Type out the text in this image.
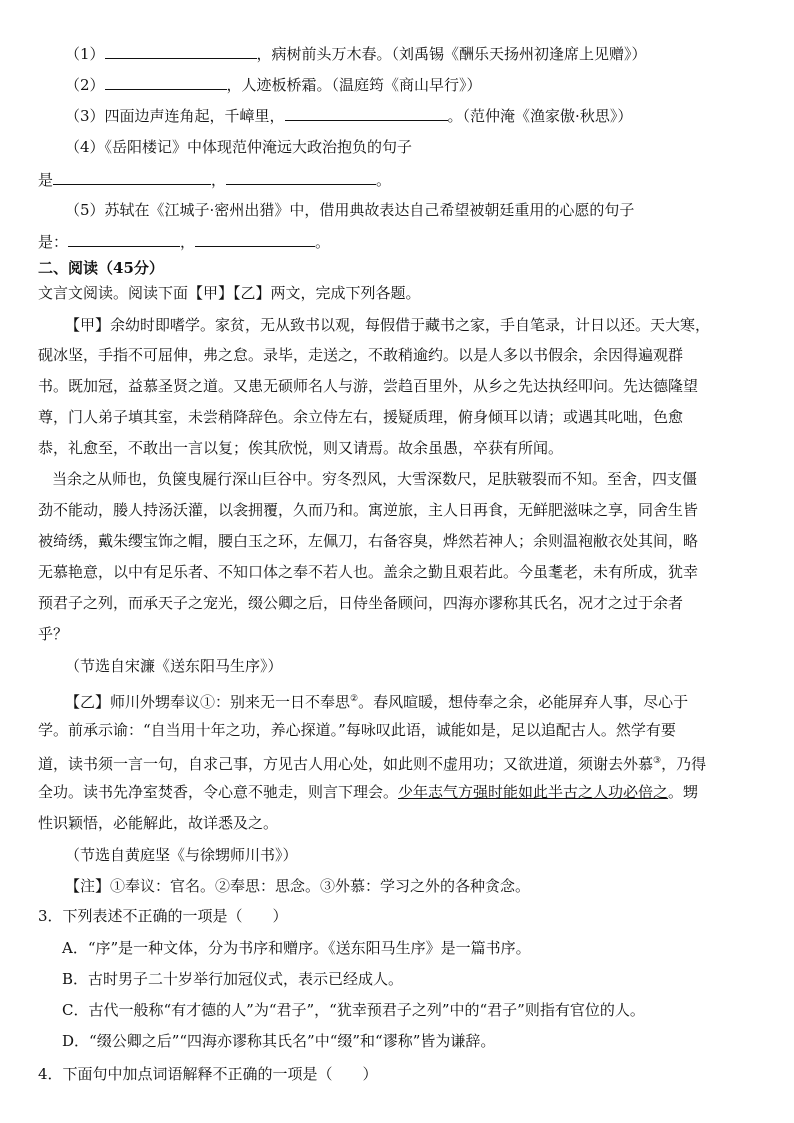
（1）	，病树前头万木春。（刘禹锡《酬乐天扬州初逢席上见赠》）
（2）	，人迹板桥霜。（温庭筠《商山早行》）
（3）四面边声连角起，千嶂里，	。（范仲淹《渔家傲·秋思》）
（4）《岳阳楼记》中体现范仲淹远大政治抱负的句子
是	，	。
（5）苏轼在《江城子·密州出猎》中，借用典故表达自己希望被朝廷重用的心愿的句子
是：	，	。
二、阅读（45分）
文言文阅读。阅读下面【甲】【乙】两文，完成下列各题。
【甲】余幼时即嗜学。家贫，无从致书以观，每假借于藏书之家，手自笔录，计日以还。天大寒，
砚冰坚，手指不可屈伸，弗之怠。录毕，走送之，不敢稍逾约。以是人多以书假余，余因得遍观群
书。既加冠，益慕圣贤之道。又患无硕师名人与游，尝趋百里外，从乡之先达执经叩问。先达德隆望
尊，门人弟子填其室，未尝稍降辞色。余立侍左右，援疑质理，俯身倾耳以请；或遇其叱咄，色愈
恭，礼愈至，不敢出一言以复；俟其欣悦，则又请焉。故余虽愚，卒获有所闻。
当余之从师也，负箧曳屣行深山巨谷中。穷冬烈风，大雪深数尺，足肤皲裂而不知。至舍，四支僵
劲不能动，媵人持汤沃灌，以衾拥覆，久而乃和。寓逆旅，主人日再食，无鲜肥滋味之享，同舍生皆
被绮绣，戴朱缨宝饰之帽，腰白玉之环，左佩刀，右备容臭，烨然若神人；余则温袍敝衣处其间，略
无慕艳意，以中有足乐者、不知口体之奉不若人也。盖余之勤且艰若此。今虽耄老，未有所成，犹幸
预君子之列，而承天子之宠光，缀公卿之后，日侍坐备顾问，四海亦谬称其氏名，况才之过于余者
乎？
（节选自宋濂《送东阳马生序》）
【乙】师川外甥奉议①：别来无一日不奉思②。春风暄暖，想侍奉之余，必能屏弃人事，尽心于
学。前承示谕：“自当用十年之功，养心探道。”每咏叹此语，诚能如是，足以追配古人。然学有要
道，读书须一言一句，自求己事，方见古人用心处，如此则不虚用功；又欲进道，须谢去外慕③，乃得
全功。读书先净室焚香，令心意不驰走，则言下理会。少年志气方强时能如此半古之人功必倍之。甥
性识颖悟，必能解此，故详悉及之。
（节选自黄庭坚《与徐甥师川书》）
【注】①奉议：官名。②奉思：思念。③外慕：学习之外的各种贪念。
3．下列表述不正确的一项是（　　）
A．“序”是一种文体，分为书序和赠序。《送东阳马生序》是一篇书序。
B．古时男子二十岁举行加冠仪式，表示已经成人。
C．古代一般称“有才德的人”为“君子”，“犹幸预君子之列”中的“君子”则指有官位的人。
D．“缀公卿之后”“四海亦谬称其氏名”中“缀”和“谬称”皆为谦辞。
4．下面句中加点词语解释不正确的一项是（　　）
